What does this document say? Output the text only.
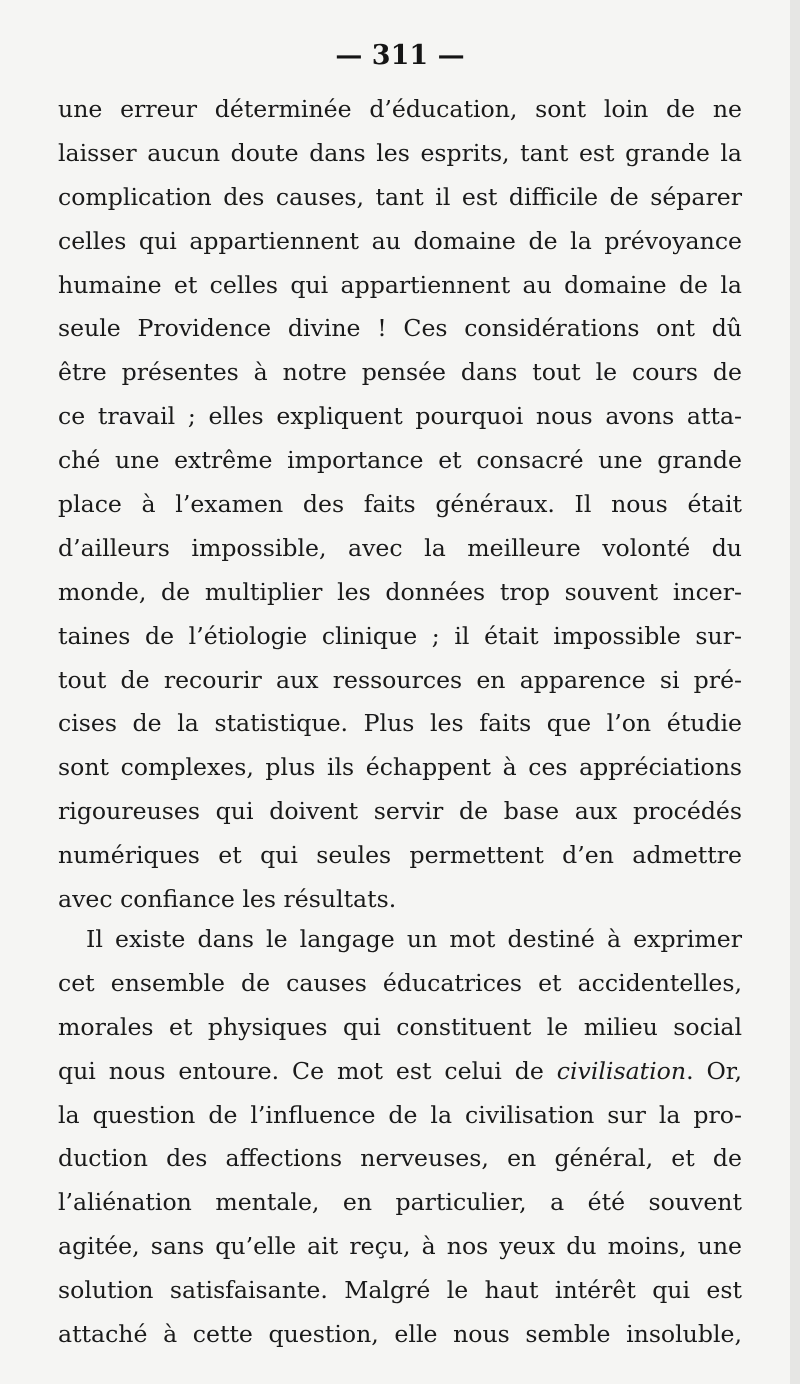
— 311 —
une erreur déterminée d’éducation, sont loin de ne
laisser aucun doute dans les esprits, tant est grande la
complication des causes, tant il est difficile de séparer
celles qui appartiennent au domaine de la prévoyance
humaine et celles qui appartiennent au domaine de la
seule Providence divine ! Ces considérations ont dû
être présentes à notre pensée dans tout le cours de
ce travail ; elles expliquent pourquoi nous avons atta-
ché une extrême importance et consacré une grande
place à l’examen des faits généraux. Il nous était
d’ailleurs impossible, avec la meilleure volonté du
monde, de multiplier les données trop souvent incer-
taines de l’étiologie clinique ; il était impossible sur-
tout de recourir aux ressources en apparence si pré-
cises de la statistique. Plus les faits que l’on étudie
sont complexes, plus ils échappent à ces appréciations
rigoureuses qui doivent servir de base aux procédés
numériques et qui seules permettent d’en admettre
avec confiance les résultats.
Il existe dans le langage un mot destiné à exprimer
cet ensemble de causes éducatrices et accidentelles,
morales et physiques qui constituent le milieu social
qui nous entoure. Ce mot est celui de civilisation. Or,
la question de l’influence de la civilisation sur la pro-
duction des affections nerveuses, en général, et de
l’aliénation mentale, en particulier, a été souvent
agitée, sans qu’elle ait reçu, à nos yeux du moins, une
solution satisfaisante. Malgré le haut intérêt qui est
attaché à cette question, elle nous semble insoluble,
